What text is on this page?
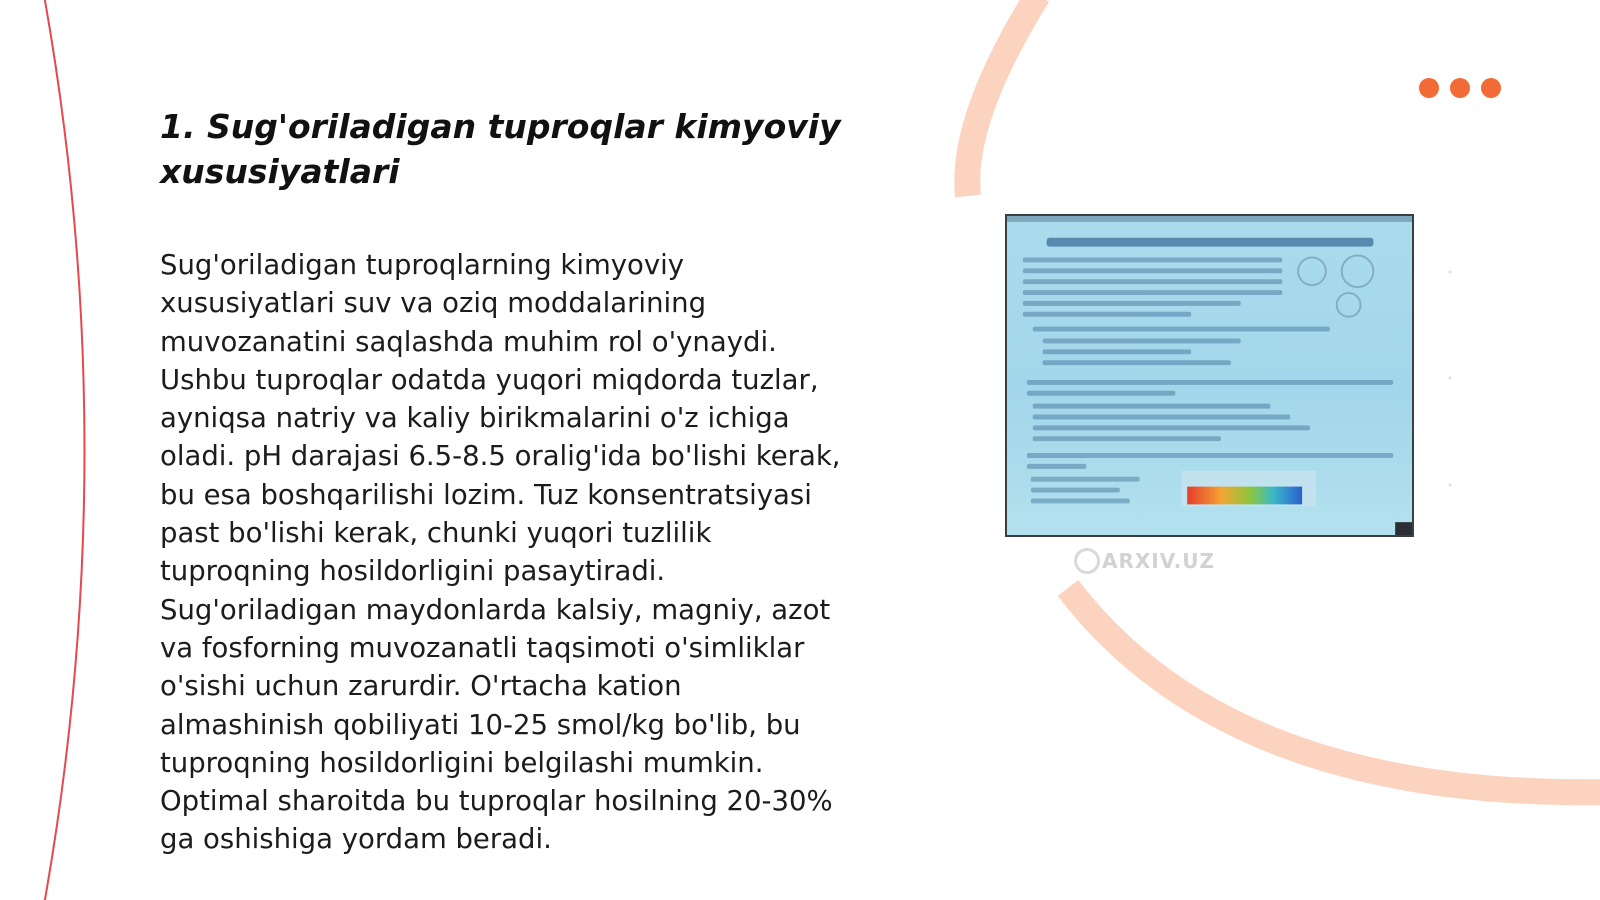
1. Sug'oriladigan tuproqlar kimyoviy xususiyatlari

Sug'oriladigan tuproqlarning kimyoviy xususiyatlari suv va oziq moddalarining muvozanatini saqlashda muhim rol o'ynaydi. Ushbu tuproqlar odatda yuqori miqdorda tuzlar, ayniqsa natriy va kaliy birikmalarini o'z ichiga oladi. pH darajasi 6.5-8.5 oralig'ida bo'lishi kerak, bu esa boshqarilishi lozim. Tuz konsentratsiyasi past bo'lishi kerak, chunki yuqori tuzlilik tuproqning hosildorligini pasaytiradi. Sug'oriladigan maydonlarda kalsiy, magniy, azot va fosforning muvozanatli taqsimoti o'simliklar o'sishi uchun zarurdir. O'rtacha kation almashinish qobiliyati 10-25 smol/kg bo'lib, bu tuproqning hosildorligini belgilashi mumkin. Optimal sharoitda bu tuproqlar hosilning 20-30% ga oshishiga yordam beradi.

ARXIV.UZ
